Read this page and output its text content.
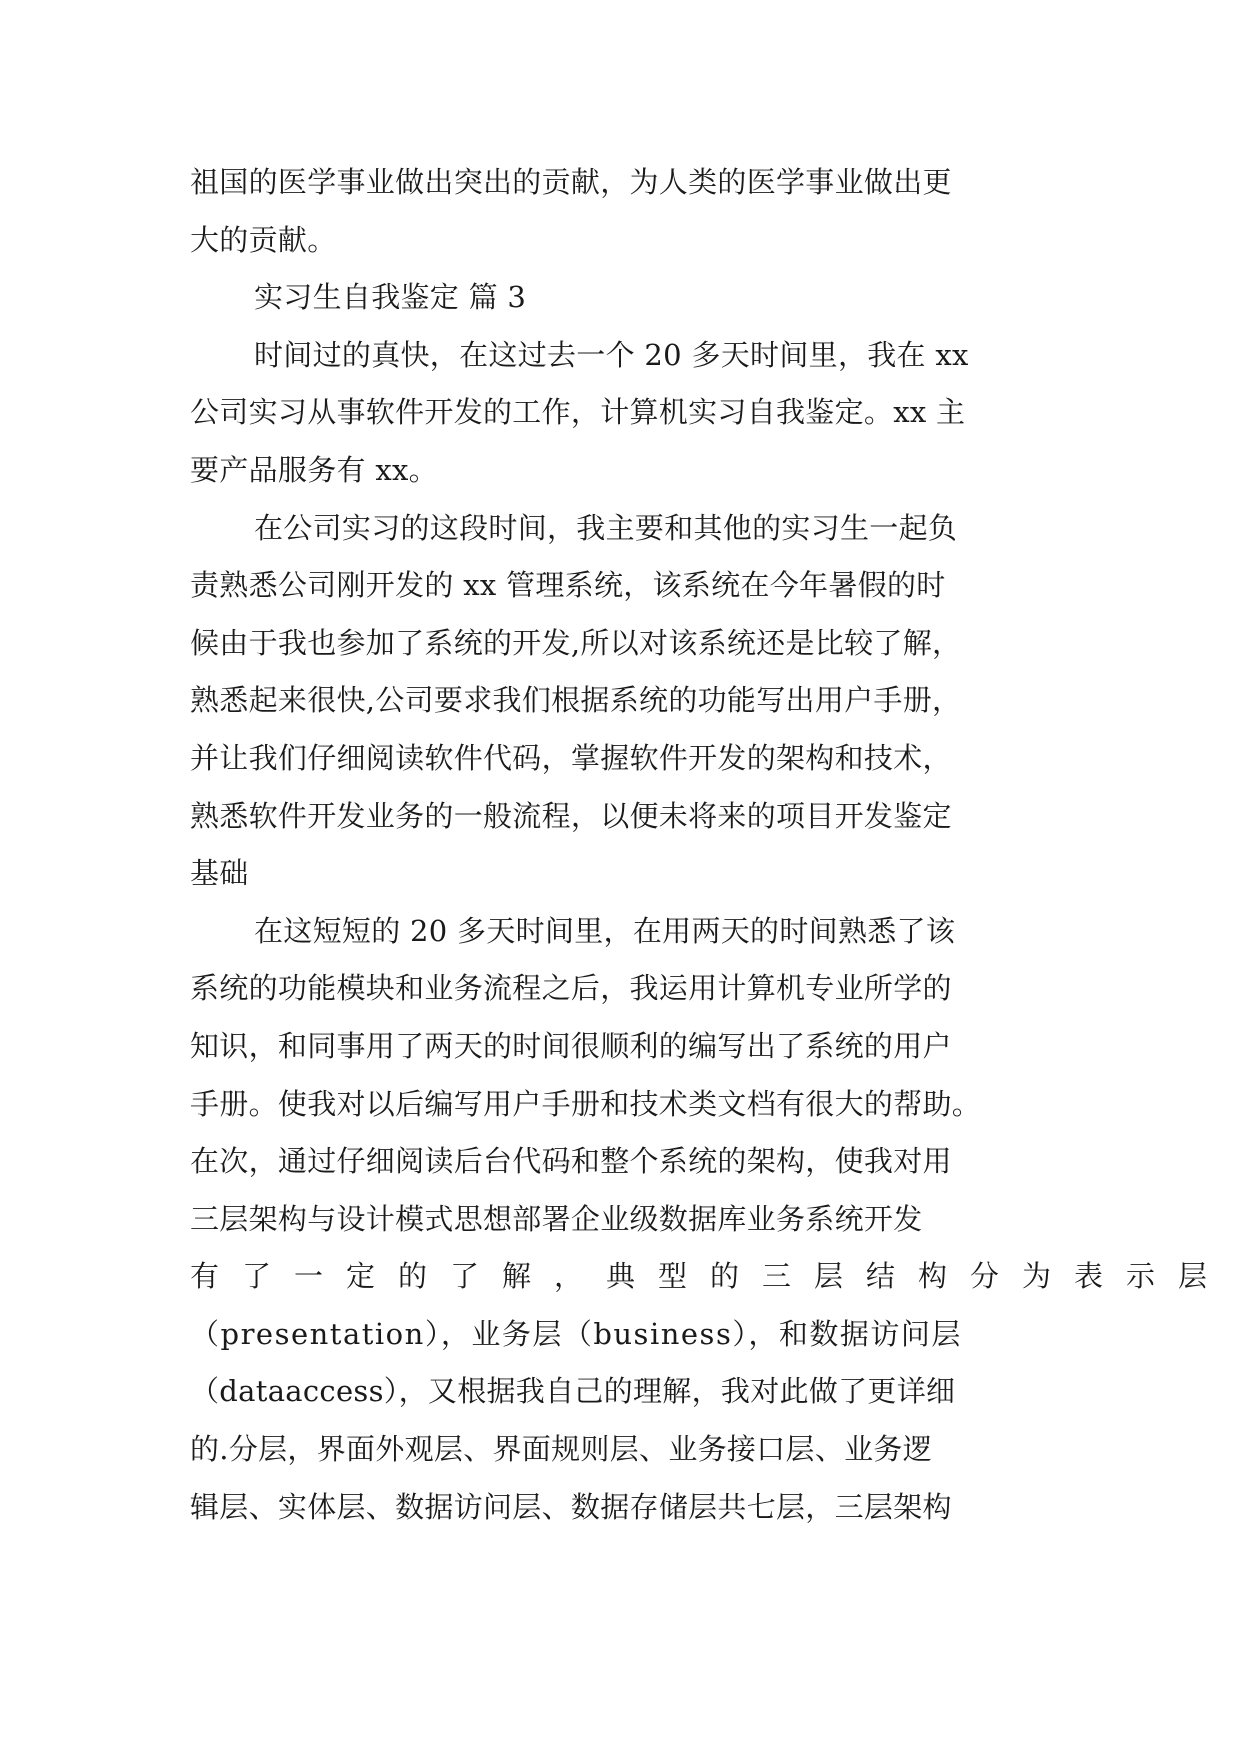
祖国的医学事业做出突出的贡献，为人类的医学事业做出更
大的贡献。
实习生自我鉴定 篇 3
时间过的真快，在这过去一个 20 多天时间里，我在 xx
公司实习从事软件开发的工作，计算机实习自我鉴定。xx 主
要产品服务有 xx。
在公司实习的这段时间，我主要和其他的实习生一起负
责熟悉公司刚开发的 xx 管理系统，该系统在今年暑假的时
候由于我也参加了系统的开发,所以对该系统还是比较了解，
熟悉起来很快,公司要求我们根据系统的功能写出用户手册，
并让我们仔细阅读软件代码，掌握软件开发的架构和技术，
熟悉软件开发业务的一般流程，以便未将来的项目开发鉴定
基础
在这短短的 20 多天时间里，在用两天的时间熟悉了该
系统的功能模块和业务流程之后，我运用计算机专业所学的
知识，和同事用了两天的时间很顺利的编写出了系统的用户
手册。使我对以后编写用户手册和技术类文档有很大的帮助。
在次，通过仔细阅读后台代码和整个系统的架构，使我对用
三层架构与设计模式思想部署企业级数据库业务系统开发
有了一定的了解，典型的三层结构分为表示层
（presentation），业务层（business），和数据访问层
（dataaccess），又根据我自己的理解，我对此做了更详细
的.分层，界面外观层、界面规则层、业务接口层、业务逻
辑层、实体层、数据访问层、数据存储层共七层，三层架构
